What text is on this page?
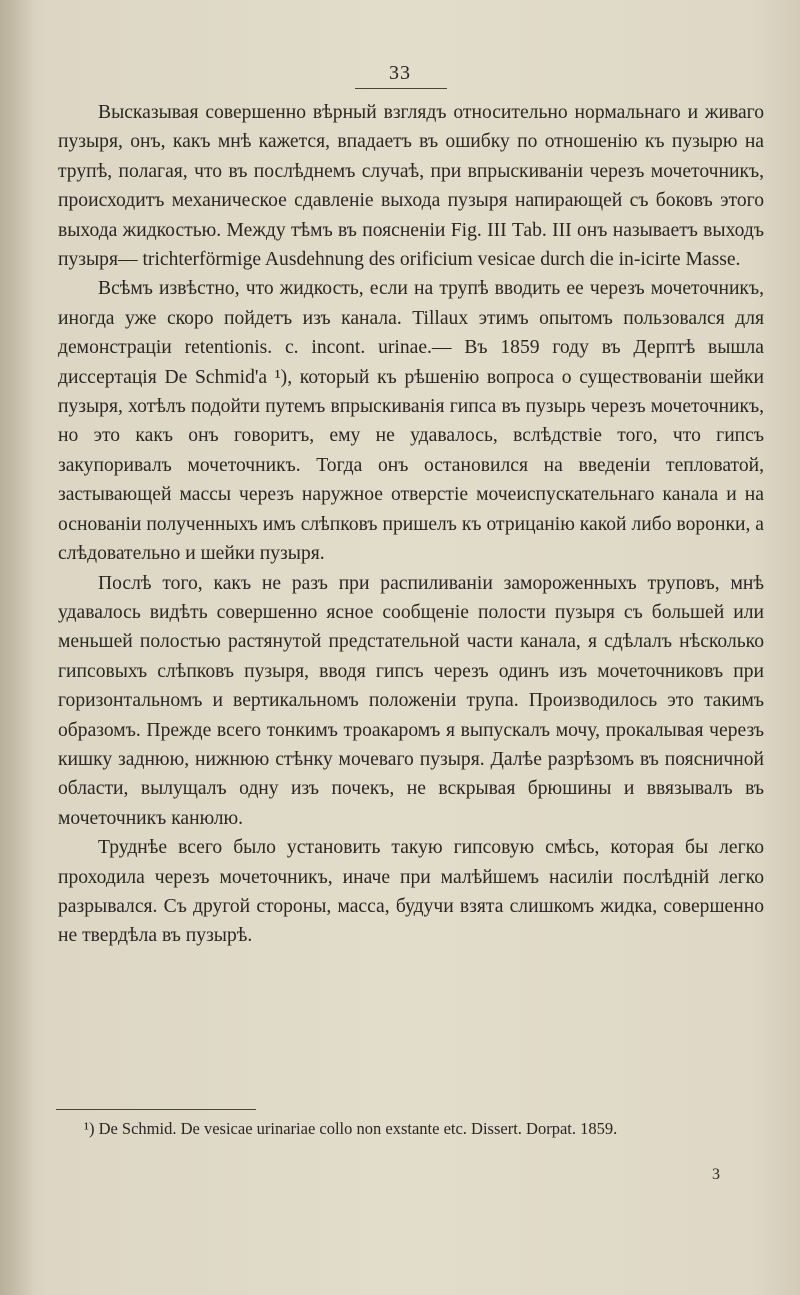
33

Высказывая совершенно вѣрный взглядъ относительно нормальнаго и живаго пузыря, онъ, какъ мнѣ кажется, впадаетъ въ ошибку по отношенію къ пузырю на трупѣ, полагая, что въ послѣднемъ случаѣ, при впрыскиваніи черезъ мочеточникъ, происходитъ механическое сдавленіе выхода пузыря напирающей съ боковъ этого выхода жидкостью. Между тѣмъ въ поясненіи Fig. III Таb. III онъ называетъ выходъ пузыря— trichterförmige Ausdehnung des orificium vesicae durch die in-icirte Masse.

Всѣмъ извѣстно, что жидкость, если на трупѣ вводить ее черезъ мочеточникъ, иногда уже скоро пойдетъ изъ канала. Tillaux этимъ опытомъ пользовался для демонстраціи retentionis. с. incont. urinae.— Въ 1859 году въ Дерптѣ вышла диссертація De Schmid'а ¹), который къ рѣшенію вопроса о существованіи шейки пузыря, хотѣлъ подойти путемъ впрыскиванія гипса въ пузырь черезъ мочеточникъ, но это какъ онъ говоритъ, ему не удавалось, вслѣдствіе того, что гипсъ закупоривалъ мочеточникъ. Тогда онъ остановился на введеніи тепловатой, застывающей массы черезъ наружное отверстіе мочеиспускательнаго канала и на основаніи полученныхъ имъ слѣпковъ пришелъ къ отрицанію какой либо воронки, а слѣдовательно и шейки пузыря.

Послѣ того, какъ не разъ при распиливаніи замороженныхъ труповъ, мнѣ удавалось видѣть совершенно ясное сообщеніе полости пузыря съ большей или меньшей полостью растянутой предстательной части канала, я сдѣлалъ нѣсколько гипсовыхъ слѣпковъ пузыря, вводя гипсъ черезъ одинъ изъ мочеточниковъ при горизонтальномъ и вертикальномъ положеніи трупа. Производилось это такимъ образомъ. Прежде всего тонкимъ троакаромъ я выпускалъ мочу, прокалывая черезъ кишку заднюю, нижнюю стѣнку мочеваго пузыря. Далѣе разрѣзомъ въ поясничной области, вылущалъ одну изъ почекъ, не вскрывая брюшины и ввязывалъ въ мочеточникъ канюлю.

Труднѣе всего было установить такую гипсовую смѣсь, которая бы легко проходила черезъ мочеточникъ, иначе при малѣйшемъ насиліи послѣдній легко разрывался. Съ другой стороны, масса, будучи взята слишкомъ жидка, совершенно не твердѣла въ пузырѣ.

¹) De Schmid. De vesicae urinariae collo non exstante etc. Dissert. Dorpat. 1859.

3
